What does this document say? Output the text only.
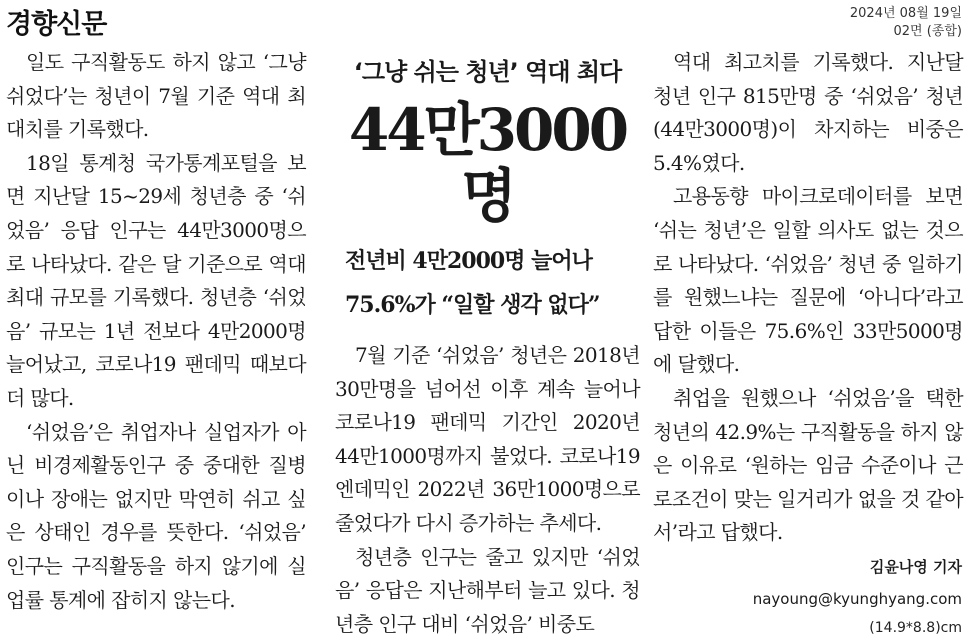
경향신문	2024년 08월 19일
02면 (종합)

일도 구직활동도 하지 않고 ‘그냥 쉬었다’는 청년이 7월 기준 역대 최대치를 기록했다.

18일 통계청 국가통계포털을 보면 지난달 15~29세 청년층 중 ‘쉬었음’ 응답 인구는 44만3000명으로 나타났다. 같은 달 기준으로 역대 최대 규모를 기록했다. 청년층 ‘쉬었음’ 규모는 1년 전보다 4만2000명 늘어났고, 코로나19 팬데믹 때보다 더 많다.

‘쉬었음’은 취업자나 실업자가 아닌 비경제활동인구 중 중대한 질병이나 장애는 없지만 막연히 쉬고 싶은 상태인 경우를 뜻한다. ‘쉬었음’ 인구는 구직활동을 하지 않기에 실업률 통계에 잡히지 않는다.

‘그냥 쉬는 청년’ 역대 최다
44만3000명
전년비 4만2000명 늘어나
75.6%가 “일할 생각 없다”

7월 기준 ‘쉬었음’ 청년은 2018년 30만명을 넘어선 이후 계속 늘어나 코로나19 팬데믹 기간인 2020년 44만1000명까지 불었다. 코로나19 엔데믹인 2022년 36만1000명으로 줄었다가 다시 증가하는 추세다.

청년층 인구는 줄고 있지만 ‘쉬었음’ 응답은 지난해부터 늘고 있다. 청년층 인구 대비 ‘쉬었음’ 비중도

역대 최고치를 기록했다. 지난달 청년 인구 815만명 중 ‘쉬었음’ 청년(44만3000명)이 차지하는 비중은 5.4%였다.

고용동향 마이크로데이터를 보면 ‘쉬는 청년’은 일할 의사도 없는 것으로 나타났다. ‘쉬었음’ 청년 중 일하기를 원했느냐는 질문에 ‘아니다’라고 답한 이들은 75.6%인 33만5000명에 달했다.

취업을 원했으나 ‘쉬었음’을 택한 청년의 42.9%는 구직활동을 하지 않은 이유로 ‘원하는 임금 수준이나 근로조건이 맞는 일거리가 없을 것 같아서’라고 답했다.

김윤나영 기자
nayoung@kyunghyang.com
(14.9*8.8)cm
